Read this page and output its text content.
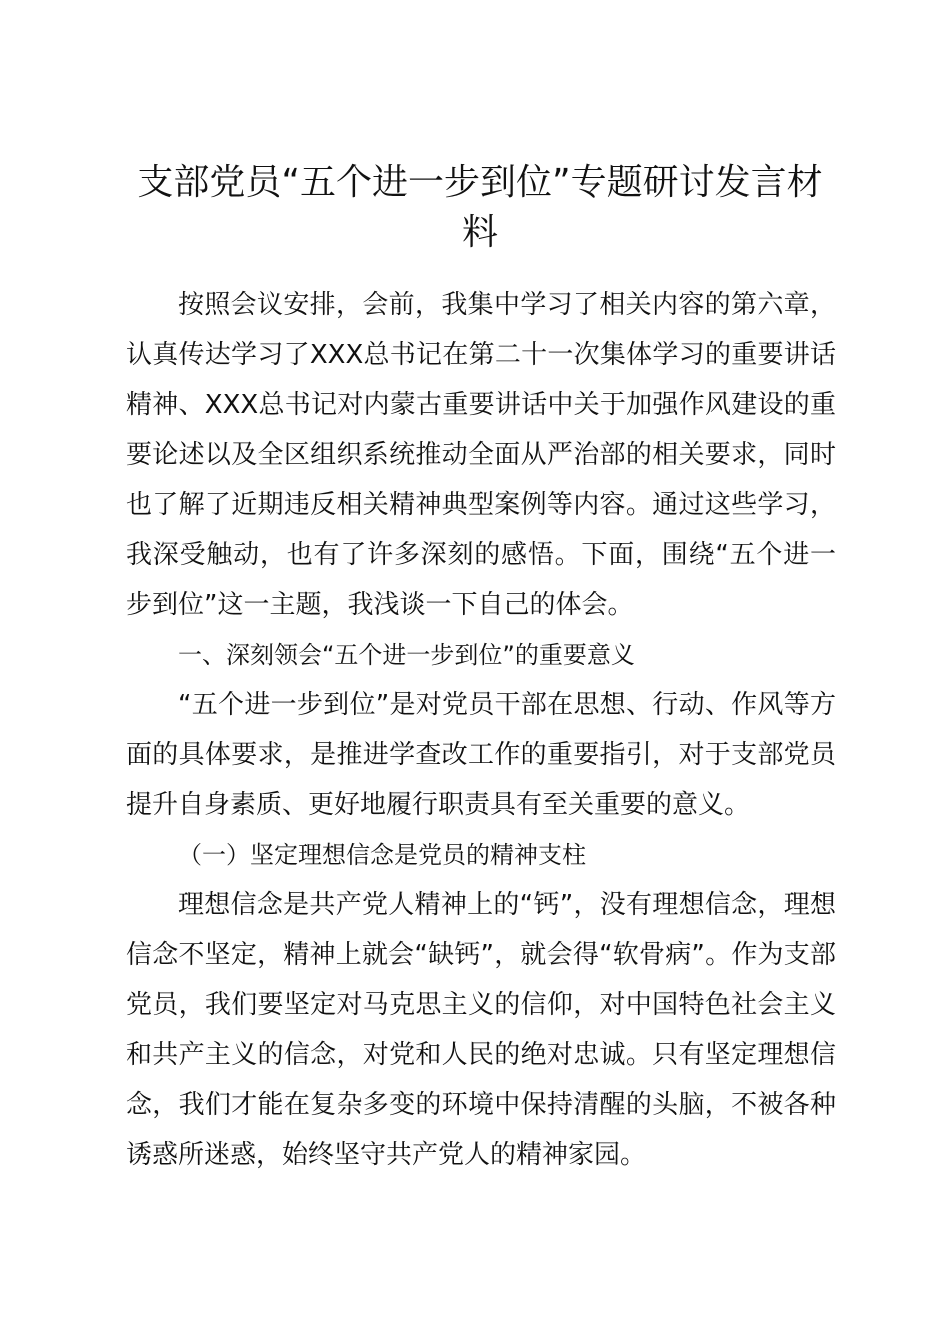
支部党员“五个进一步到位”专题研讨发言材料

按照会议安排，会前，我集中学习了相关内容的第六章，认真传达学习了XXX总书记在第二十一次集体学习的重要讲话精神、XXX总书记对内蒙古重要讲话中关于加强作风建设的重要论述以及全区组织系统推动全面从严治部的相关要求，同时也了解了近期违反相关精神典型案例等内容。通过这些学习，我深受触动，也有了许多深刻的感悟。下面，围绕“五个进一步到位”这一主题，我浅谈一下自己的体会。

一、深刻领会“五个进一步到位”的重要意义

“五个进一步到位”是对党员干部在思想、行动、作风等方面的具体要求，是推进学查改工作的重要指引，对于支部党员提升自身素质、更好地履行职责具有至关重要的意义。

（一）坚定理想信念是党员的精神支柱

理想信念是共产党人精神上的“钙”，没有理想信念，理想信念不坚定，精神上就会“缺钙”，就会得“软骨病”。作为支部党员，我们要坚定对马克思主义的信仰，对中国特色社会主义和共产主义的信念，对党和人民的绝对忠诚。只有坚定理想信念，我们才能在复杂多变的环境中保持清醒的头脑，不被各种诱惑所迷惑，始终坚守共产党人的精神家园。
